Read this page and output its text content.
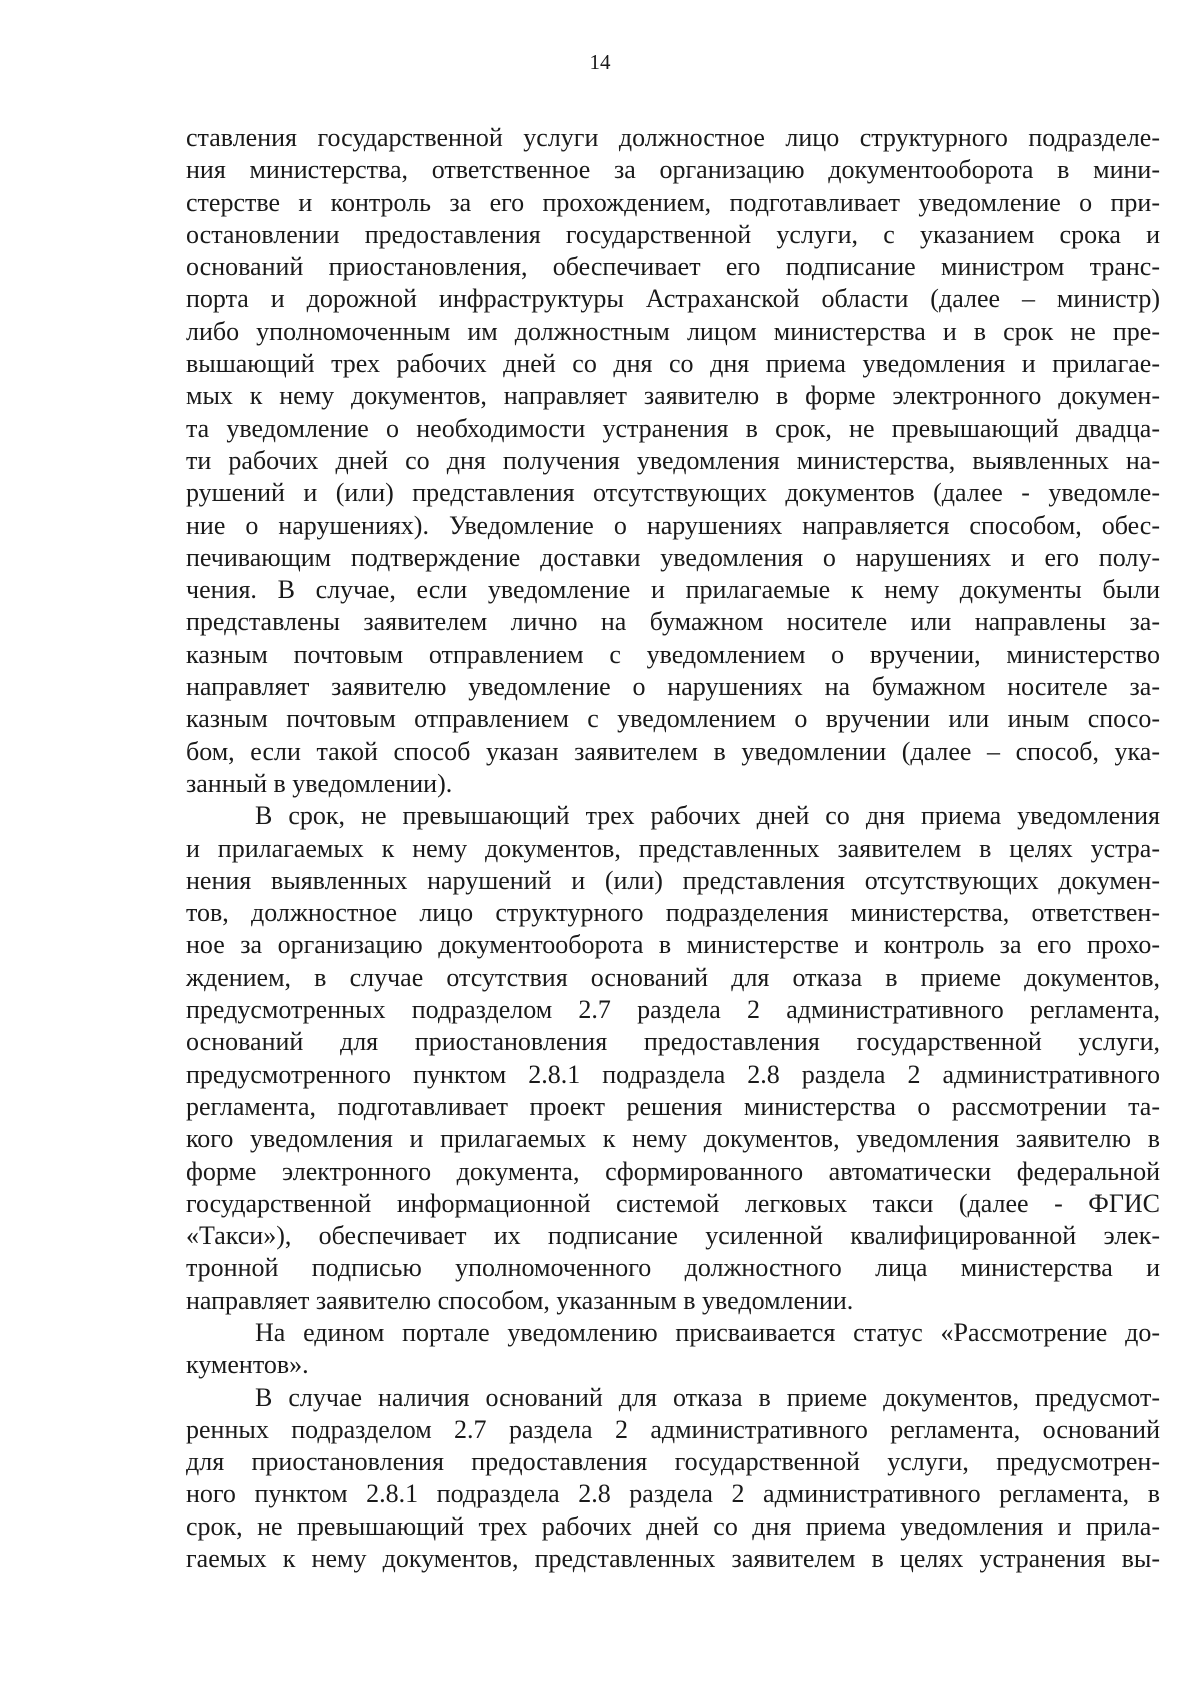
14

ставления государственной услуги должностное лицо структурного подразделе-
ния министерства, ответственное за организацию документооборота в мини-
стерстве и контроль за его прохождением, подготавливает уведомление о при-
остановлении предоставления государственной услуги, с указанием срока и
оснований приостановления, обеспечивает его подписание министром транс-
порта и дорожной инфраструктуры Астраханской области (далее – министр)
либо уполномоченным им должностным лицом министерства и в срок не пре-
вышающий трех рабочих дней со дня со дня приема уведомления и прилагае-
мых к нему документов, направляет заявителю в форме электронного докумен-
та уведомление о необходимости устранения в срок, не превышающий двадца-
ти рабочих дней со дня получения уведомления министерства, выявленных на-
рушений и (или) представления отсутствующих документов (далее - уведомле-
ние о нарушениях). Уведомление о нарушениях направляется способом, обес-
печивающим подтверждение доставки уведомления о нарушениях и его полу-
чения. В случае, если уведомление и прилагаемые к нему документы были
представлены заявителем лично на бумажном носителе или направлены за-
казным почтовым отправлением с уведомлением о вручении, министерство
направляет заявителю уведомление о нарушениях на бумажном носителе за-
казным почтовым отправлением с уведомлением о вручении или иным спосо-
бом, если такой способ указан заявителем в уведомлении (далее – способ, ука-
занный в уведомлении).

В срок, не превышающий трех рабочих дней со дня приема уведомления
и прилагаемых к нему документов, представленных заявителем в целях устра-
нения выявленных нарушений и (или) представления отсутствующих докумен-
тов, должностное лицо структурного подразделения министерства, ответствен-
ное за организацию документооборота в министерстве и контроль за его прохо-
ждением, в случае отсутствия оснований для отказа в приеме документов,
предусмотренных подразделом 2.7 раздела 2 административного регламента,
оснований для приостановления предоставления государственной услуги,
предусмотренного пунктом 2.8.1 подраздела 2.8 раздела 2 административного
регламента, подготавливает проект решения министерства о рассмотрении та-
кого уведомления и прилагаемых к нему документов, уведомления заявителю в
форме электронного документа, сформированного автоматически федеральной
государственной информационной системой легковых такси (далее - ФГИС
«Такси»), обеспечивает их подписание усиленной квалифицированной элек-
тронной подписью уполномоченного должностного лица министерства и
направляет заявителю способом, указанным в уведомлении.

На едином портале уведомлению присваивается статус «Рассмотрение до-
кументов».

В случае наличия оснований для отказа в приеме документов, предусмот-
ренных подразделом 2.7 раздела 2 административного регламента, оснований
для приостановления предоставления государственной услуги, предусмотрен-
ного пунктом 2.8.1 подраздела 2.8 раздела 2 административного регламента, в
срок, не превышающий трех рабочих дней со дня приема уведомления и прила-
гаемых к нему документов, представленных заявителем в целях устранения вы-
